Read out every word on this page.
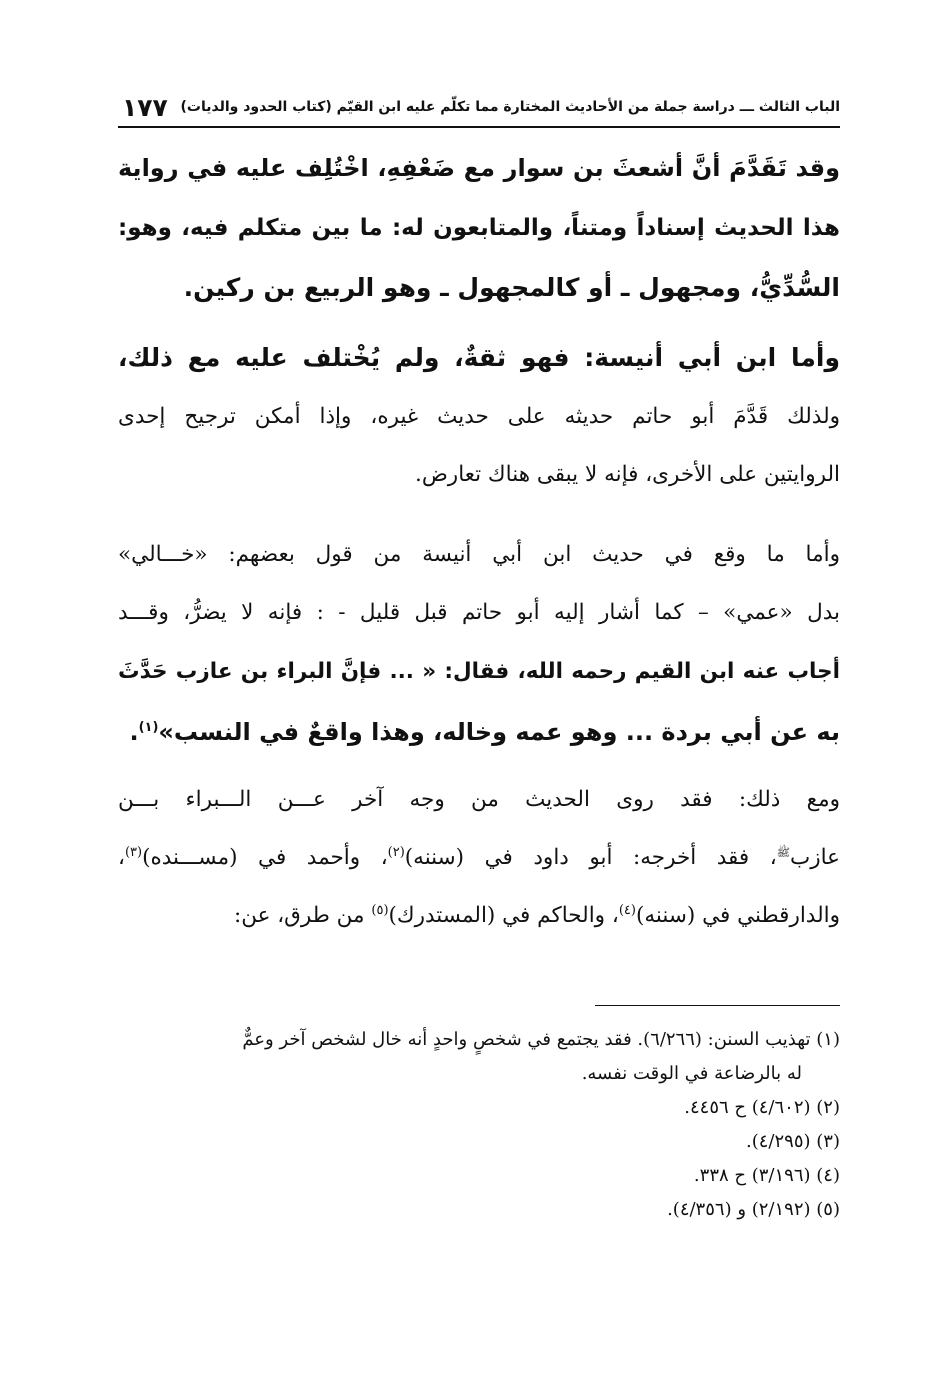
الباب الثالث ـــ دراسة جملة من الأحاديث المختارة مما تكلّم عليه ابن القيّم (كتاب الحدود والديات)
١٧٧
وقد تَقَدَّمَ أنَّ أشعثَ بن سوار مع ضَعْفِهِ، اخْتُلِف عليه في رواية
هذا الحديث إسناداً ومتناً، والمتابعون له: ما بين متكلم فيه، وهو:
السُّدِّيُّ، ومجهول ـ أو كالمجهول ـ وهو الربيع بن ركين.
وأما ابن أبي أنيسة: فهو ثقةٌ، ولم يُخْتلف عليه مع ذلك،
ولذلك قَدَّمَ أبو حاتم حديثه على حديث غيره، وإذا أمكن ترجيح إحدى
الروايتين على الأخرى، فإنه لا يبقى هناك تعارض.
وأما ما وقع في حديث ابن أبي أنيسة من قول بعضهم: «خـــالي»
بدل «عمي» – كما أشار إليه أبو حاتم قبل قليل - : فإنه لا يضرُّ، وقـــد
أجاب عنه ابن القيم رحمه الله، فقال: « ... فإنَّ البراء بن عازب حَدَّثَ
به عن أبي بردة ... وهو عمه وخاله، وهذا واقعٌ في النسب»$^{(١)}$.
ومع ذلك: فقد روى الحديث من وجه آخر عـــن الـــبراء بـــن
عازب$^ﷺ$، فقد أخرجه: أبو داود في (سننه)$^{(٢)}$، وأحمد في (مســـنده)$^{(٣)}$،
والدارقطني في (سننه)$^{(٤)}$، والحاكم في (المستدرك)$^{(٥)}$ من طرق، عن:
(١) تهذيب السنن: (٦/٢٦٦). فقد يجتمع في شخصٍ واحدٍ أنه خال لشخص آخر وعمٌّ
له بالرضاعة في الوقت نفسه.
(٢) (٤/٦٠٢) ح ٤٤٥٦.
(٣) (٤/٢٩٥).
(٤) (٣/١٩٦) ح ٣٣٨.
(٥) (٢/١٩٢) و (٤/٣٥٦).
